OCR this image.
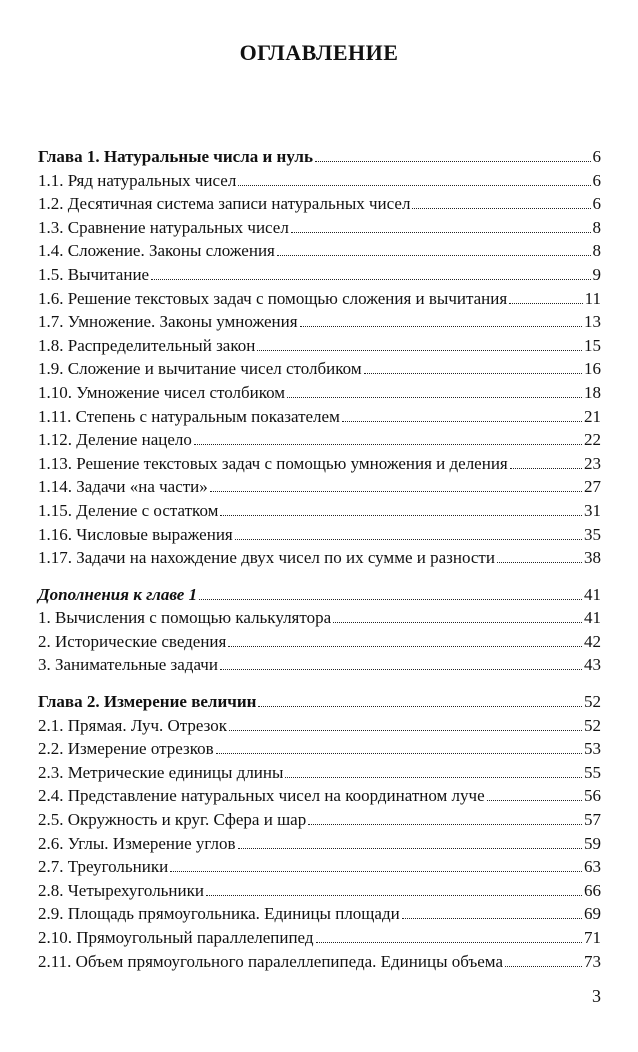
ОГЛАВЛЕНИЕ
Глава 1. Натуральные числа и нуль	6
1.1. Ряд натуральных чисел	6
1.2. Десятичная система записи натуральных чисел	6
1.3. Сравнение натуральных чисел	8
1.4. Сложение. Законы сложения	8
1.5. Вычитание	9
1.6. Решение текстовых задач с помощью сложения и вычитания	11
1.7. Умножение. Законы умножения	13
1.8. Распределительный закон	15
1.9. Сложение и вычитание чисел столбиком	16
1.10. Умножение чисел столбиком	18
1.11. Степень с натуральным показателем	21
1.12. Деление нацело	22
1.13. Решение текстовых задач с помощью умножения и деления	23
1.14. Задачи «на части»	27
1.15. Деление с остатком	31
1.16. Числовые выражения	35
1.17. Задачи на нахождение двух чисел по их сумме и разности	38
Дополнения к главе 1	41
1. Вычисления с помощью калькулятора	41
2. Исторические сведения	42
3. Занимательные задачи	43
Глава 2. Измерение величин	52
2.1. Прямая. Луч. Отрезок	52
2.2. Измерение отрезков	53
2.3. Метрические единицы длины	55
2.4. Представление натуральных чисел на координатном луче	56
2.5. Окружность и круг. Сфера и шар	57
2.6. Углы. Измерение углов	59
2.7. Треугольники	63
2.8. Четырехугольники	66
2.9. Площадь прямоугольника. Единицы площади	69
2.10. Прямоугольный параллелепипед	71
2.11. Объем прямоугольного паралеллепипеда. Единицы объема	73
3
